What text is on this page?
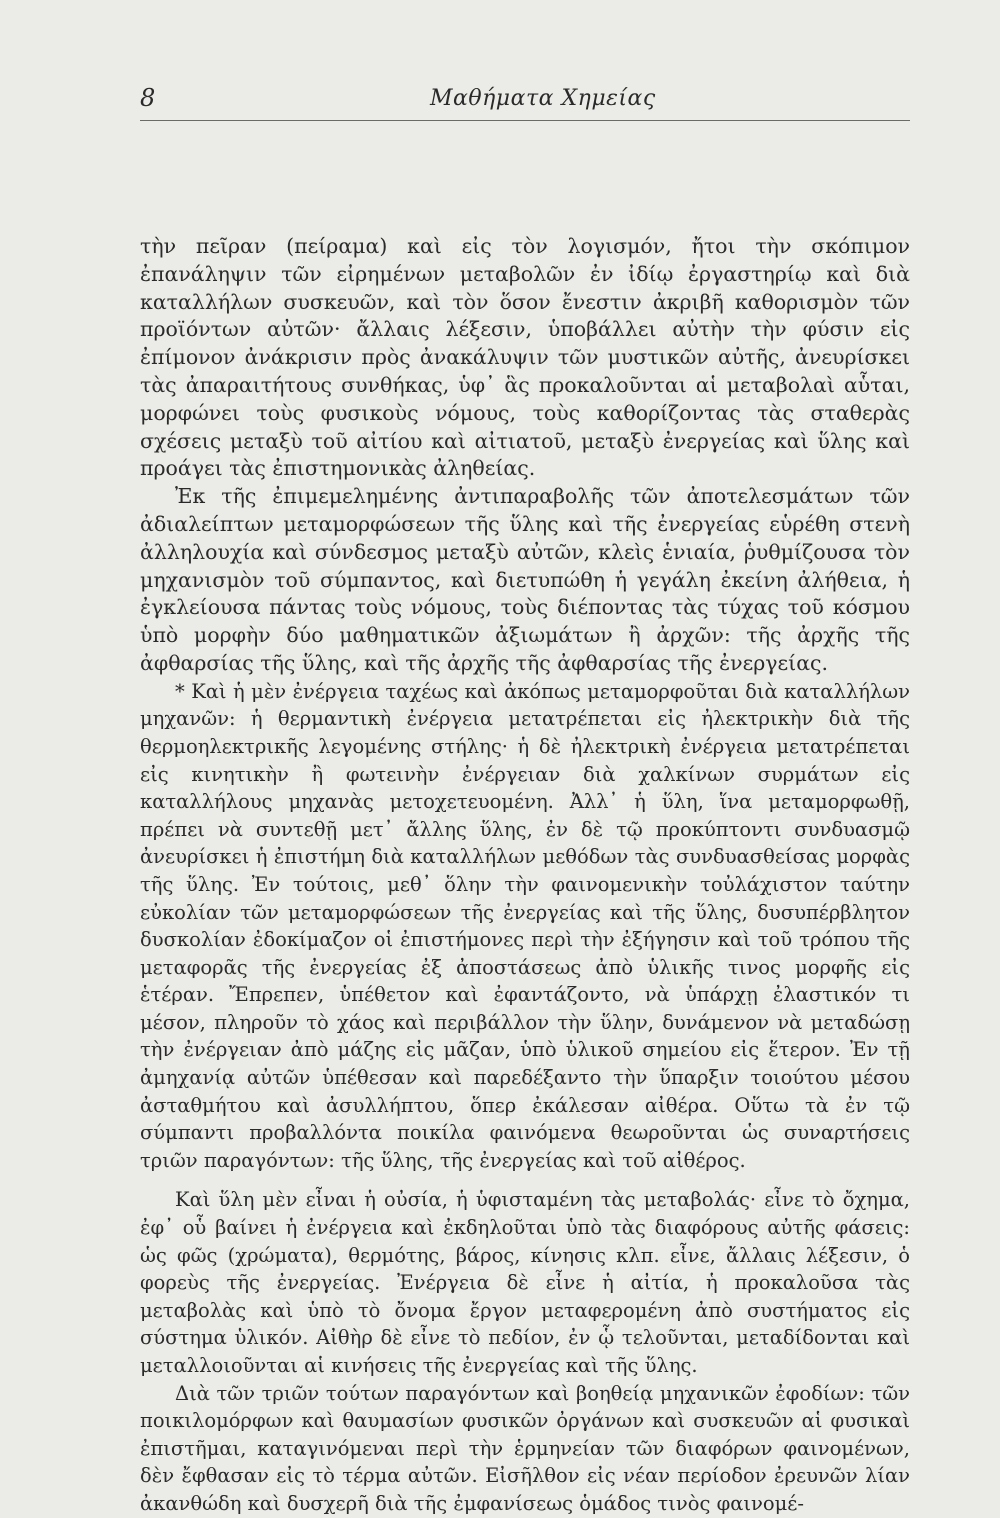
8	Μαθήματα Χημείας

τὴν πεῖραν (πείραμα) καὶ εἰς τὸν λογισμόν, ἤτοι τὴν σκόπιμον ἐπανάληψιν τῶν εἰρημένων μεταβολῶν ἐν ἰδίῳ ἐργαστηρίῳ καὶ διὰ καταλλήλων συσκευῶν, καὶ τὸν ὅσον ἔνεστιν ἀκριβῆ καθορισμὸν τῶν προϊόντων αὐτῶν· ἄλλαις λέξεσιν, ὑποβάλλει αὐτὴν τὴν φύσιν εἰς ἐπίμονον ἀνάκρισιν πρὸς ἀνακάλυψιν τῶν μυστικῶν αὐτῆς, ἀνευρίσκει τὰς ἀπαραιτήτους συνθήκας, ὑφ᾽ ἃς προκαλοῦνται αἱ μεταβολαὶ αὗται, μορφώνει τοὺς φυσικοὺς νόμους, τοὺς καθορίζοντας τὰς σταθερὰς σχέσεις μεταξὺ τοῦ αἰτίου καὶ αἰτιατοῦ, μεταξὺ ἐνεργείας καὶ ὕλης καὶ προάγει τὰς ἐπιστημονικὰς ἀληθείας.

Ἐκ τῆς ἐπιμεμελημένης ἀντιπαραβολῆς τῶν ἀποτελεσμάτων τῶν ἀδιαλείπτων μεταμορφώσεων τῆς ὕλης καὶ τῆς ἐνεργείας εὑρέθη στενὴ ἀλληλουχία καὶ σύνδεσμος μεταξὺ αὐτῶν, κλεὶς ἑνιαία, ῥυθμίζουσα τὸν μηχανισμὸν τοῦ σύμπαντος, καὶ διετυπώθη ἡ γεγάλη ἐκείνη ἀλήθεια, ἡ ἐγκλείουσα πάντας τοὺς νόμους, τοὺς διέποντας τὰς τύχας τοῦ κόσμου ὑπὸ μορφὴν δύο μαθηματικῶν ἀξιωμάτων ἢ ἀρχῶν: τῆς ἀρχῆς τῆς ἀφθαρσίας τῆς ὕλης, καὶ τῆς ἀρχῆς τῆς ἀφθαρσίας τῆς ἐνεργείας.

* Καὶ ἡ μὲν ἐνέργεια ταχέως καὶ ἀκόπως μεταμορφοῦται διὰ καταλλήλων μηχανῶν: ἡ θερμαντικὴ ἐνέργεια μετατρέπεται εἰς ἠλεκτρικὴν διὰ τῆς θερμοηλεκτρικῆς λεγομένης στήλης· ἡ δὲ ἠλεκτρικὴ ἐνέργεια μετατρέπεται εἰς κινητικὴν ἢ φωτεινὴν ἐνέργειαν διὰ χαλκίνων συρμάτων εἰς καταλλήλους μηχανὰς μετοχετευομένη. Ἀλλ᾽ ἡ ὕλη, ἵνα μεταμορφωθῇ, πρέπει νὰ συντεθῇ μετ᾽ ἄλλης ὕλης, ἐν δὲ τῷ προκύπτοντι συνδυασμῷ ἀνευρίσκει ἡ ἐπιστήμη διὰ καταλλήλων μεθόδων τὰς συνδυασθείσας μορφὰς τῆς ὕλης. Ἐν τούτοις, μεθ᾽ ὅλην τὴν φαινομενικὴν τοὐλάχιστον ταύτην εὐκολίαν τῶν μεταμορφώσεων τῆς ἐνεργείας καὶ τῆς ὕλης, δυσυπέρβλητον δυσκολίαν ἐδοκίμαζον οἱ ἐπιστήμονες περὶ τὴν ἐξήγησιν καὶ τοῦ τρόπου τῆς μεταφορᾶς τῆς ἐνεργείας ἐξ ἀποστάσεως ἀπὸ ὑλικῆς τινος μορφῆς εἰς ἑτέραν. Ἔπρεπεν, ὑπέθετον καὶ ἐφαντάζοντο, νὰ ὑπάρχῃ ἐλαστικόν τι μέσον, πληροῦν τὸ χάος καὶ περιβάλλον τὴν ὕλην, δυνάμενον νὰ μεταδώσῃ τὴν ἐνέργειαν ἀπὸ μάζης εἰς μᾶζαν, ὑπὸ ὑλικοῦ σημείου εἰς ἕτερον. Ἐν τῇ ἀμηχανίᾳ αὐτῶν ὑπέθεσαν καὶ παρεδέξαντο τὴν ὕπαρξιν τοιούτου μέσου ἀσταθμήτου καὶ ἀσυλλήπτου, ὅπερ ἐκάλεσαν αἰθέρα. Οὕτω τὰ ἐν τῷ σύμπαντι προβαλλόντα ποικίλα φαινόμενα θεωροῦνται ὡς συναρτήσεις τριῶν παραγόντων: τῆς ὕλης, τῆς ἐνεργείας καὶ τοῦ αἰθέρος.

Καὶ ὕλη μὲν εἶναι ἡ οὐσία, ἡ ὑφισταμένη τὰς μεταβολάς· εἶνε τὸ ὄχημα, ἐφ᾽ οὗ βαίνει ἡ ἐνέργεια καὶ ἐκδηλοῦται ὑπὸ τὰς διαφόρους αὐτῆς φάσεις: ὡς φῶς (χρώματα), θερμότης, βάρος, κίνησις κλπ. εἶνε, ἄλλαις λέξεσιν, ὁ φορεὺς τῆς ἐνεργείας. Ἐνέργεια δὲ εἶνε ἡ αἰτία, ἡ προκαλοῦσα τὰς μεταβολὰς καὶ ὑπὸ τὸ ὄνομα ἔργον μεταφερομένη ἀπὸ συστήματος εἰς σύστημα ὑλικόν. Αἰθὴρ δὲ εἶνε τὸ πεδίον, ἐν ᾧ τελοῦνται, μεταδίδονται καὶ μεταλλοιοῦνται αἱ κινήσεις τῆς ἐνεργείας καὶ τῆς ὕλης.

Διὰ τῶν τριῶν τούτων παραγόντων καὶ βοηθείᾳ μηχανικῶν ἐφοδίων: τῶν ποικιλομόρφων καὶ θαυμασίων φυσικῶν ὀργάνων καὶ συσκευῶν αἱ φυσικαὶ ἐπιστῆμαι, καταγινόμεναι περὶ τὴν ἑρμηνείαν τῶν διαφόρων φαινομένων, δὲν ἔφθασαν εἰς τὸ τέρμα αὐτῶν. Εἰσῆλθον εἰς νέαν περίοδον ἐρευνῶν λίαν ἀκανθώδη καὶ δυσχερῆ διὰ τῆς ἐμφανίσεως ὁμάδος τινὸς φαινομέ-
